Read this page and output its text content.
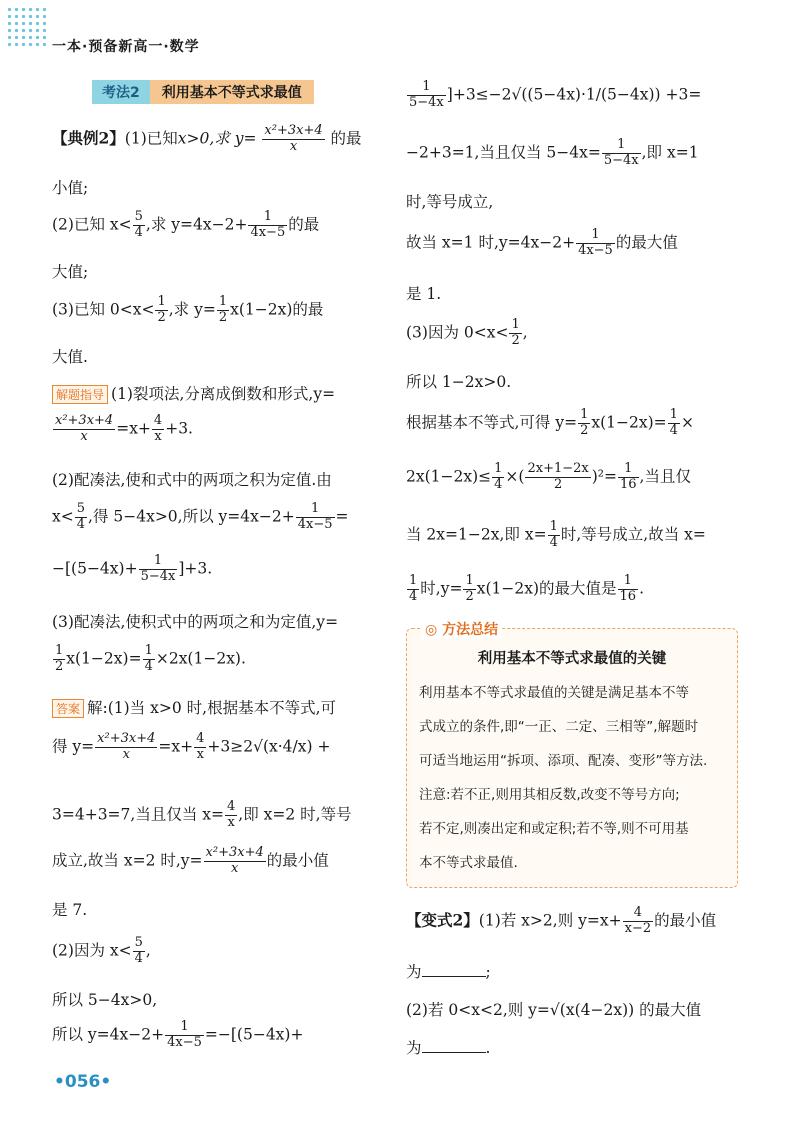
一本·预备新高一·数学
考法2	利用基本不等式求最值
【典例2】(1)已知x>0,求 $y= \frac{\text{x²+3x+4}}{x}$ 的最
小值;
(2)已知 $x< \frac{5}{4}$ ,求 $y=4x-2+ \frac{1}{4x-5}$ 的最
大值;
(3)已知 $0<x< \frac{1}{2}$ ,求 $y= \frac{1}{2} x(1-2x)$的最
大值.
解题指导 (1)裂项法,分离成倒数和形式,y=
$\frac{\text{x²+3x+4}}{x} =x+ \frac{4}{x} +3$.
(2)配凑法,使和式中的两项之积为定值.由
$x< \frac{5}{4}$ ,得 5−4x>0,所以 $y=4x-2+ \frac{1}{4x-5}$ =
$-[(5-4x)+ \frac{1}{5-4x} ]+3$.
(3)配凑法,使积式中的两项之和为定值,y=
$\frac{1}{2} x(1-2x)= \frac{1}{4} \times 2x(1-2x)$.
答案 解:(1)当 x>0 时,根据基本不等式,可
得 $y= \frac{\text{x²+3x+4}}{x} =x+ \frac{4}{x} +3\ge 2√(x\cdot 4/x)$ +
3=4+3=7,当且仅当 $x= \frac{4}{x}$ ,即 x=2 时,等号
成立,故当 x=2 时$,y= \frac{\text{x²+3x+4}}{x}$ 的最小值
是 7.
(2)因为 $x< \frac{5}{4}$ ,
所以 5−4x>0,
所以 $y=4x-2+ \frac{1}{4x-5} =-[(5-4x)+$
$\frac{1}{5-4x} ]+3\le-2√((5-4x)\cdot 1/(5-4x)) +3=$
−2+3=1,当且仅当 $5-4x= \frac{1}{5-4x}$ ,即 x=1
时,等号成立,
故当 x=1 时$,y=4x-2+ \frac{1}{4x-5}$ 的最大值
是 1.
(3)因为 $0<x< \frac{1}{2}$ ,
所以 1−2x>0.
根据基本不等式,可得 $y= \frac{1}{2} x(1-2x)= \frac{1}{4}$ ×
$2x(1-2x)\le \frac{1}{4}$ ×( $\frac{2x+1-2x}{2} )^2= \frac{1}{16}$ ,当且仅
当 2x=1−2x,即 $x= \frac{1}{4}$ 时,等号成立,故当 x=
$\frac{1}{4}$ 时$,y= \frac{1}{2} x(1-2x)$的最大值是 $\frac{1}{16}$ .
◎ 方法总结
利用基本不等式求最值的关键
利用基本不等式求最值的关键是满足基本不等
式成立的条件,即“一正、二定、三相等”,解题时
可适当地运用“拆项、添项、配凑、变形”等方法.
注意:若不正,则用其相反数,改变不等号方向;
若不定,则凑出定和或定积;若不等,则不可用基
本不等式求最值.
【变式2】(1)若 x>2,则 $y=x+ \frac{4}{x-2}$ 的最小值
为	;
(2)若 0<x<2,则 y=√(x(4−2x)) 的最大值
为	.
•056•
